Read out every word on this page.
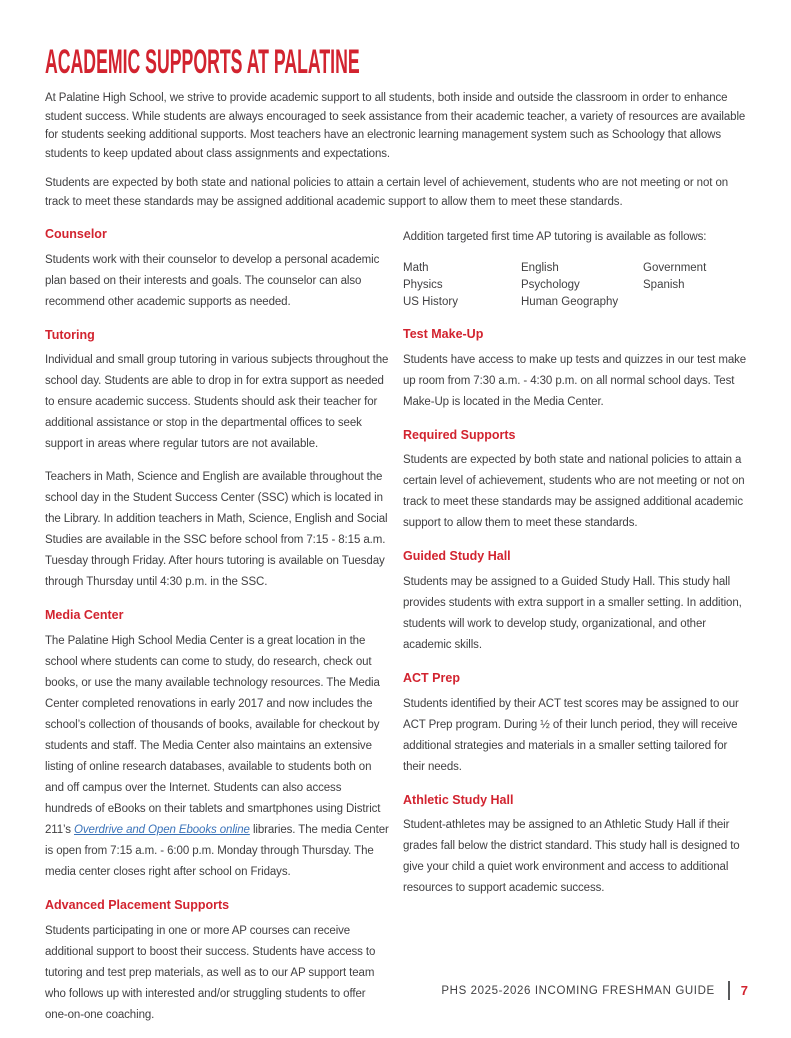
ACADEMIC SUPPORTS AT PALATINE

At Palatine High School, we strive to provide academic support to all students, both inside and outside the classroom in order to enhance student success. While students are always encouraged to seek assistance from their academic teacher, a variety of resources are available for students seeking additional supports. Most teachers have an electronic learning management system such as Schoology that allows students to keep updated about class assignments and expectations.

Students are expected by both state and national policies to attain a certain level of achievement, students who are not meeting or not on track to meet these standards may be assigned additional academic support to allow them to meet these standards.

Counselor

Students work with their counselor to develop a personal academic plan based on their interests and goals. The counselor can also recommend other academic supports as needed.

Tutoring

Individual and small group tutoring in various subjects throughout the school day. Students are able to drop in for extra support as needed to ensure academic success. Students should ask their teacher for additional assistance or stop in the departmental offices to seek support in areas where regular tutors are not available.

Teachers in Math, Science and English are available throughout the school day in the Student Success Center (SSC) which is located in the Library. In addition teachers in Math, Science, English and Social Studies are available in the SSC before school from 7:15 - 8:15 a.m. Tuesday through Friday. After hours tutoring is available on Tuesday through Thursday until 4:30 p.m. in the SSC.

Media Center

The Palatine High School Media Center is a great location in the school where students can come to study, do research, check out books, or use the many available technology resources. The Media Center completed renovations in early 2017 and now includes the school’s collection of thousands of books, available for checkout by students and staff. The Media Center also maintains an extensive listing of online research databases, available to students both on and off campus over the Internet. Students can also access hundreds of eBooks on their tablets and smartphones using District 211’s Overdrive and Open Ebooks online libraries. The media Center is open from 7:15 a.m. - 6:00 p.m. Monday through Thursday. The media center closes right after school on Fridays.

Advanced Placement Supports

Students participating in one or more AP courses can receive additional support to boost their success. Students have access to tutoring and test prep materials, as well as to our AP support team who follows up with interested and/or struggling students to offer one-on-one coaching.

Addition targeted first time AP tutoring is available as follows:

Math	English	Government
Physics	Psychology	Spanish
US History	Human Geography
Test Make-Up

Students have access to make up tests and quizzes in our test make up room from 7:30 a.m. - 4:30 p.m. on all normal school days. Test Make-Up is located in the Media Center.

Required Supports

Students are expected by both state and national policies to attain a certain level of achievement, students who are not meeting or not on track to meet these standards may be assigned additional academic support to allow them to meet these standards.

Guided Study Hall

Students may be assigned to a Guided Study Hall. This study hall provides students with extra support in a smaller setting. In addition, students will work to develop study, organizational, and other academic skills.

ACT Prep

Students identified by their ACT test scores may be assigned to our ACT Prep program. During ½ of their lunch period, they will receive additional strategies and materials in a smaller setting tailored for their needs.

Athletic Study Hall

Student-athletes may be assigned to an Athletic Study Hall if their grades fall below the district standard. This study hall is designed to give your child a quiet work environment and access to additional resources to support academic success.

PHS 2025-2026 INCOMING FRESHMAN GUIDE 7
